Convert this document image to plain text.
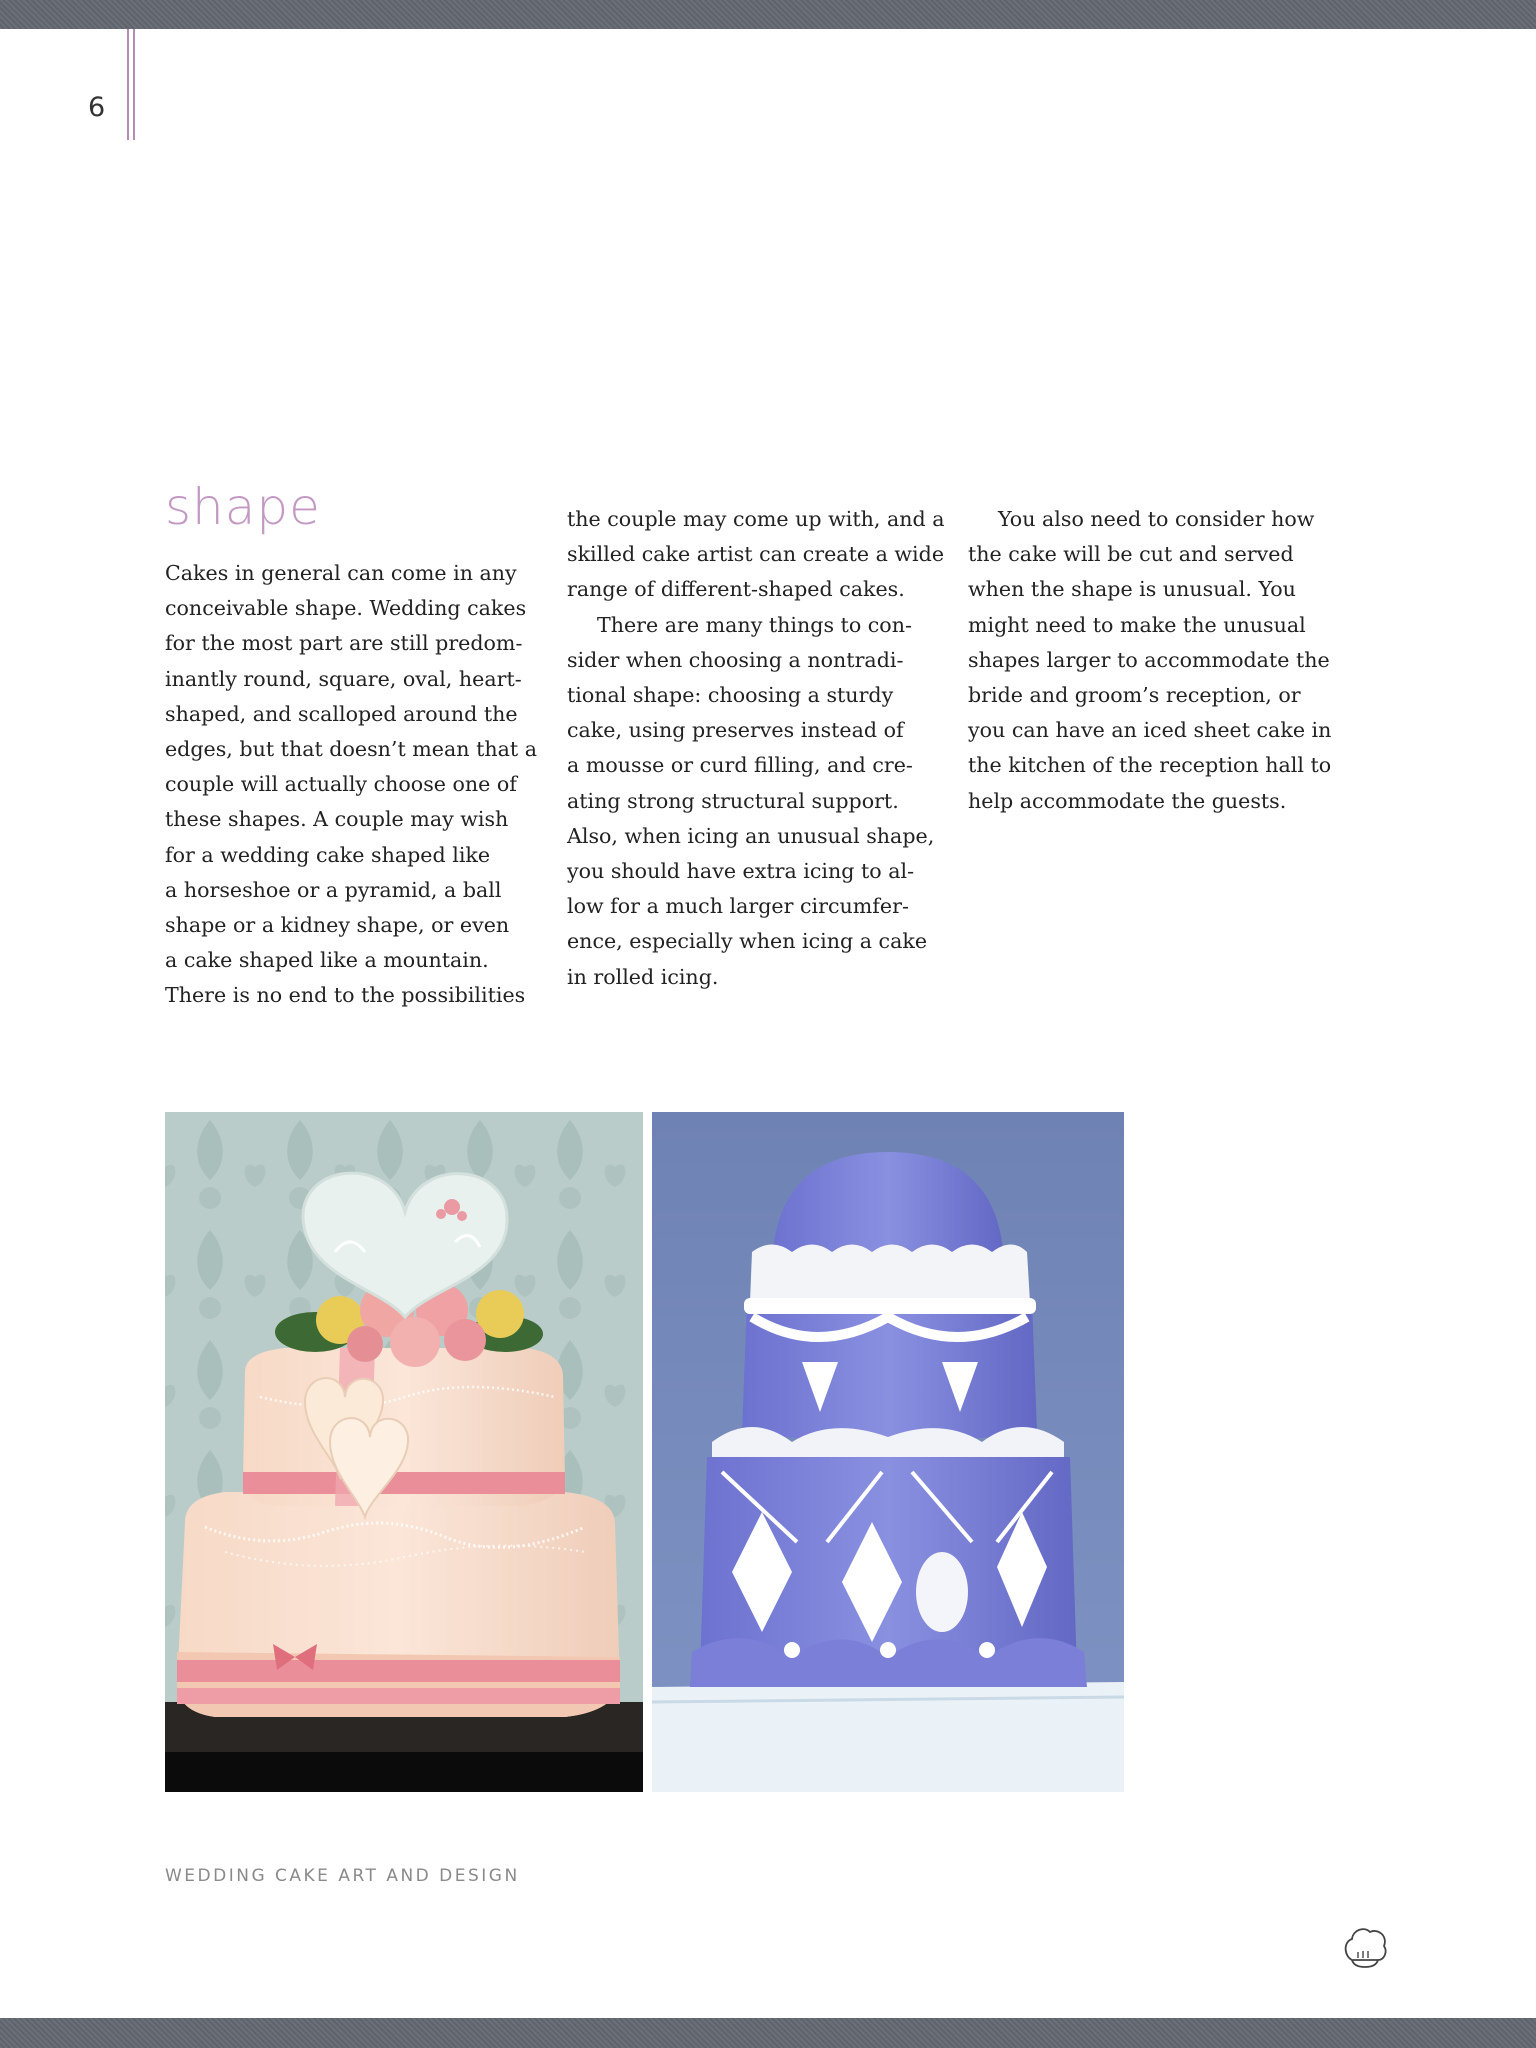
6
shape
Cakes in general can come in any
conceivable shape. Wedding cakes
for the most part are still predom-
inantly round, square, oval, heart-
shaped, and scalloped around the
edges, but that doesn’t mean that a
couple will actually choose one of
these shapes. A couple may wish
for a wedding cake shaped like
a horseshoe or a pyramid, a ball
shape or a kidney shape, or even
a cake shaped like a mountain.
There is no end to the possibilities
the couple may come up with, and a
skilled cake artist can create a wide
range of different-shaped cakes.
There are many things to con-
sider when choosing a nontradi-
tional shape: choosing a sturdy
cake, using preserves instead of
a mousse or curd filling, and cre-
ating strong structural support.
Also, when icing an unusual shape,
you should have extra icing to al-
low for a much larger circumfer-
ence, especially when icing a cake
in rolled icing.
You also need to consider how
the cake will be cut and served
when the shape is unusual. You
might need to make the unusual
shapes larger to accommodate the
bride and groom’s reception, or
you can have an iced sheet cake in
the kitchen of the reception hall to
help accommodate the guests.
WEDDING CAKE ART AND DESIGN
